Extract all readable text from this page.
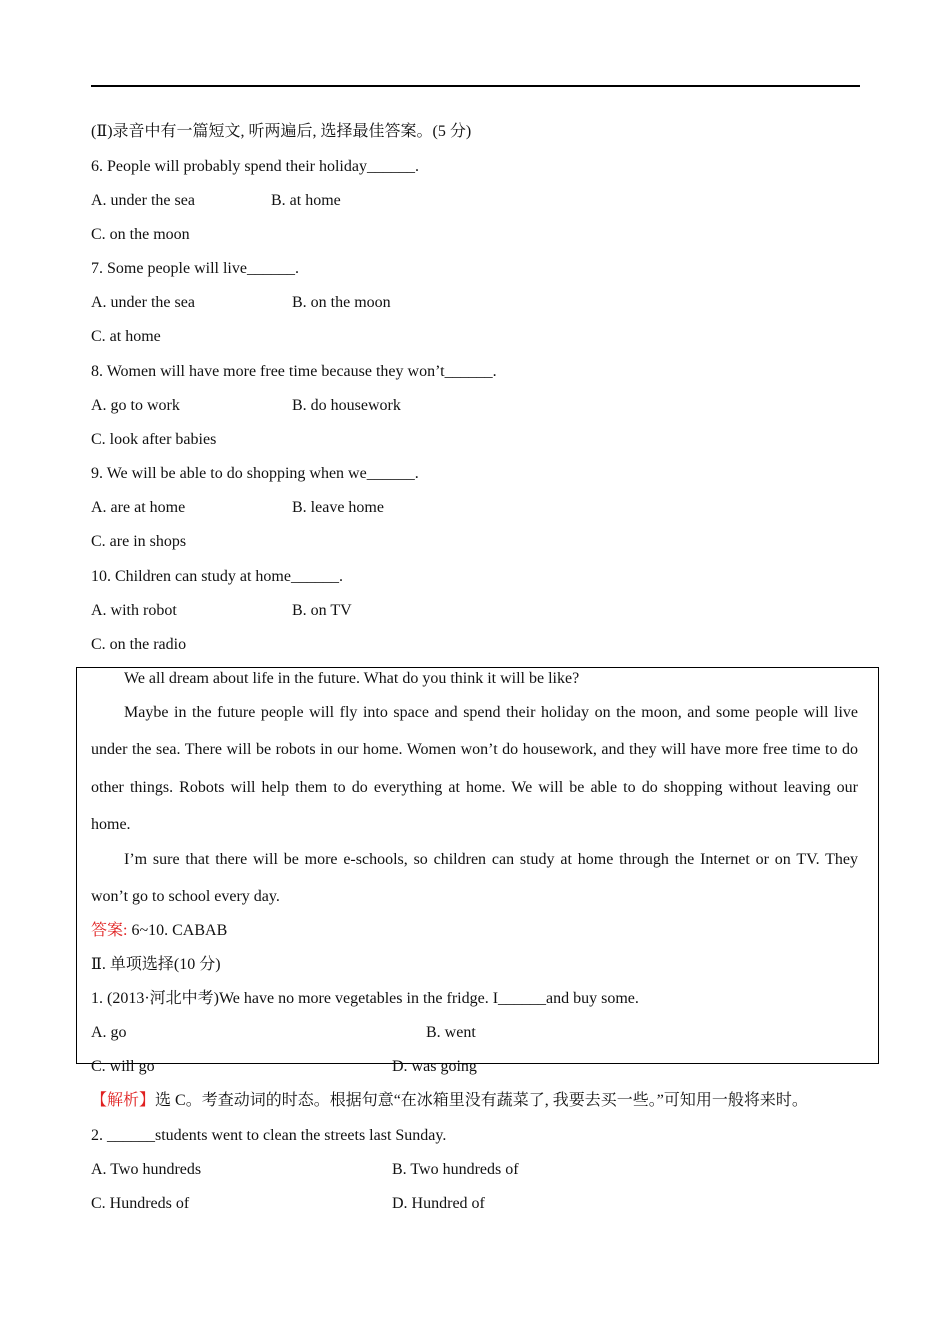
(Ⅱ)录音中有一篇短文, 听两遍后, 选择最佳答案。(5 分)
6. People will probably spend their holiday______.
A. under the sea	B. at home
C. on the moon
7. Some people will live______.
A. under the sea	B. on the moon
C. at home
8. Women will have more free time because they won’t______.
A. go to work	B. do housework
C. look after babies
9. We will be able to do shopping when we______.
A. are at home	B. leave home
C. are in shops
10. Children can study at home______.
A. with robot	B. on TV
C. on the radio
We all dream about life in the future. What do you think it will be like?
Maybe in the future people will fly into space and spend their holiday on the moon, and some people will live under the sea. There will be robots in our home. Women won’t do housework, and they will have more free time to do other things. Robots will help them to do everything at home. We will be able to do shopping without leaving our home.
I’m sure that there will be more e-schools, so children can study at home through the Internet or on TV. They won’t go to school every day.
答案: 6~10. CABAB
Ⅱ. 单项选择(10 分)
1. (2013·河北中考)We have no more vegetables in the fridge. I______and buy some.
A. go	B. went
C. will go	D. was going
【解析】选 C。考查动词的时态。根据句意“在冰箱里没有蔬菜了, 我要去买一些。”可知用一般将来时。
2. ______students went to clean the streets last Sunday.
A. Two hundreds	B. Two hundreds of
C. Hundreds of	D. Hundred of
